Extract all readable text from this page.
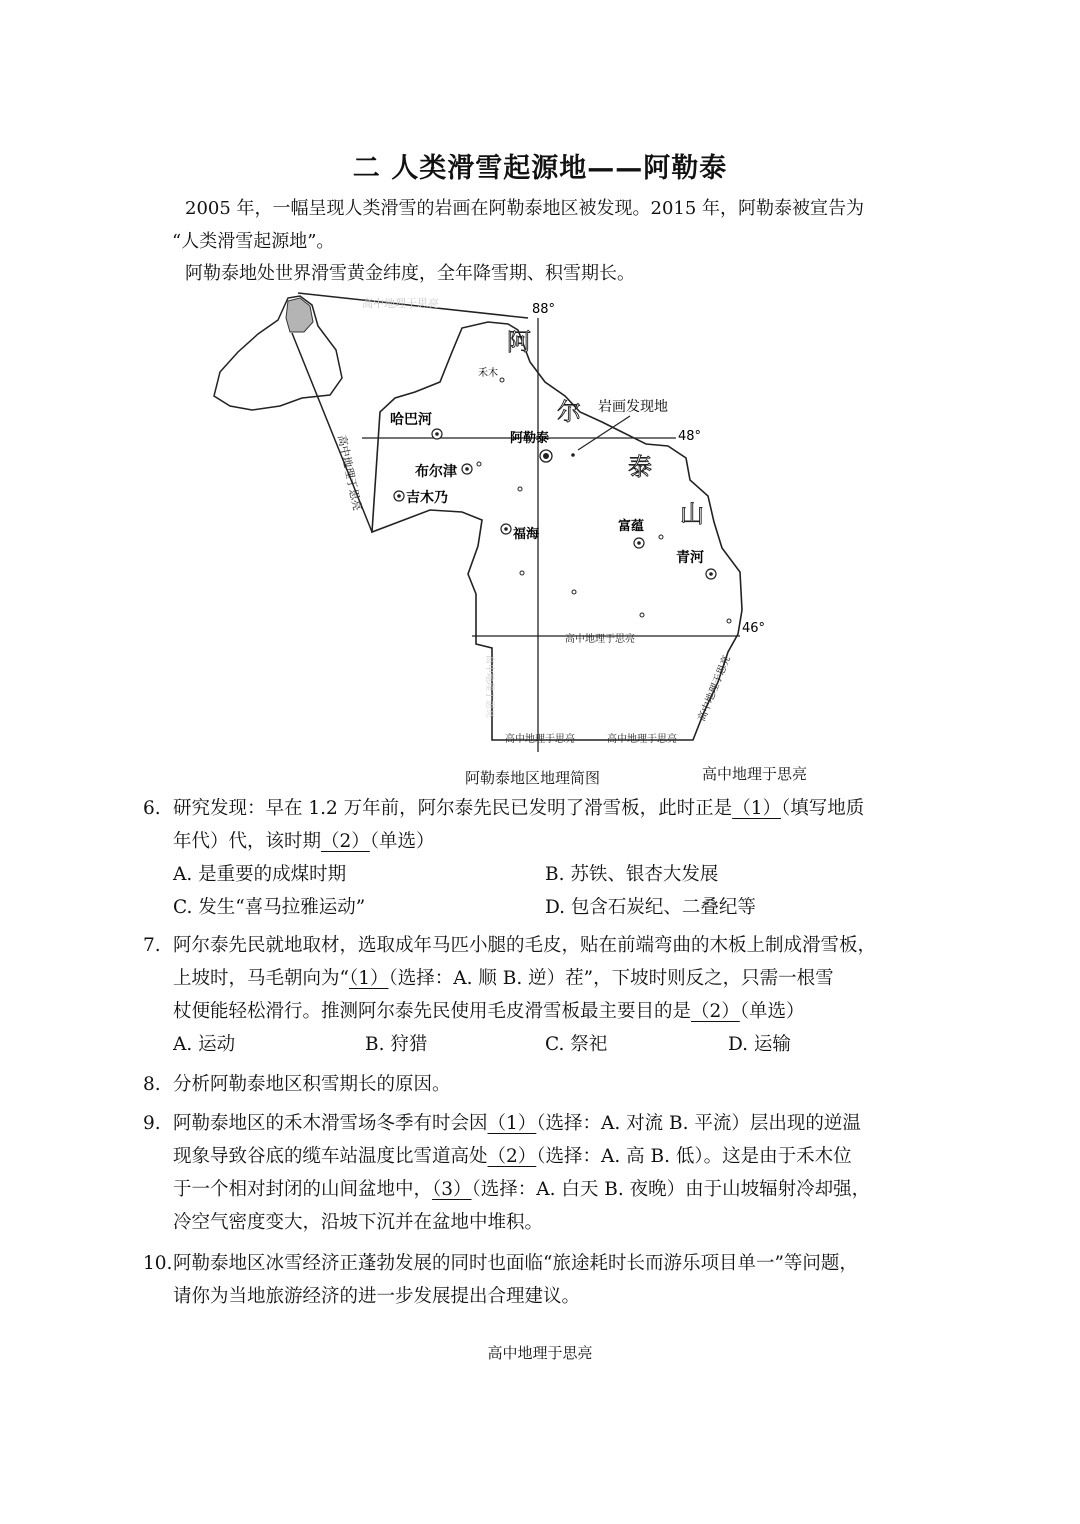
二 人类滑雪起源地——阿勒泰
2005 年，一幅呈现人类滑雪的岩画在阿勒泰地区被发现。2015 年，阿勒泰被宣告为
“人类滑雪起源地”。
阿勒泰地处世界滑雪黄金纬度，全年降雪期、积雪期长。
88°
48°
46°
阿
尔
泰
山
岩画发现地
禾木
哈巴河
阿勒泰
布尔津
吉木乃
福海
富蕴
青河
高中地理于思亮
高中地理于思亮
高中地理于思亮
高中地理于思亮
高中地理于思亮	高中地理于思亮
高中地理于思亮
阿勒泰地区地理简图	高中地理于思亮
6. 研究发现：早在 1.2 万年前，阿尔泰先民已发明了滑雪板，此时正是（1）（填写地质
年代）代，该时期（2）（单选）
A. 是重要的成煤时期	B. 苏铁、银杏大发展
C. 发生“喜马拉雅运动”	D. 包含石炭纪、二叠纪等
7. 阿尔泰先民就地取材，选取成年马匹小腿的毛皮，贴在前端弯曲的木板上制成滑雪板，
上坡时，马毛朝向为“（1）（选择：A. 顺 B. 逆）茬”，下坡时则反之，只需一根雪
杖便能轻松滑行。推测阿尔泰先民使用毛皮滑雪板最主要目的是（2）（单选）
A. 运动	B. 狩猎	C. 祭祀	D. 运输
8. 分析阿勒泰地区积雪期长的原因。
9. 阿勒泰地区的禾木滑雪场冬季有时会因（1）（选择：A. 对流 B. 平流）层出现的逆温
现象导致谷底的缆车站温度比雪道高处（2）（选择：A. 高 B. 低）。这是由于禾木位
于一个相对封闭的山间盆地中，（3）（选择：A. 白天 B. 夜晚）由于山坡辐射冷却强，
冷空气密度变大，沿坡下沉并在盆地中堆积。
10. 阿勒泰地区冰雪经济正蓬勃发展的同时也面临“旅途耗时长而游乐项目单一”等问题，
请你为当地旅游经济的进一步发展提出合理建议。
高中地理于思亮
